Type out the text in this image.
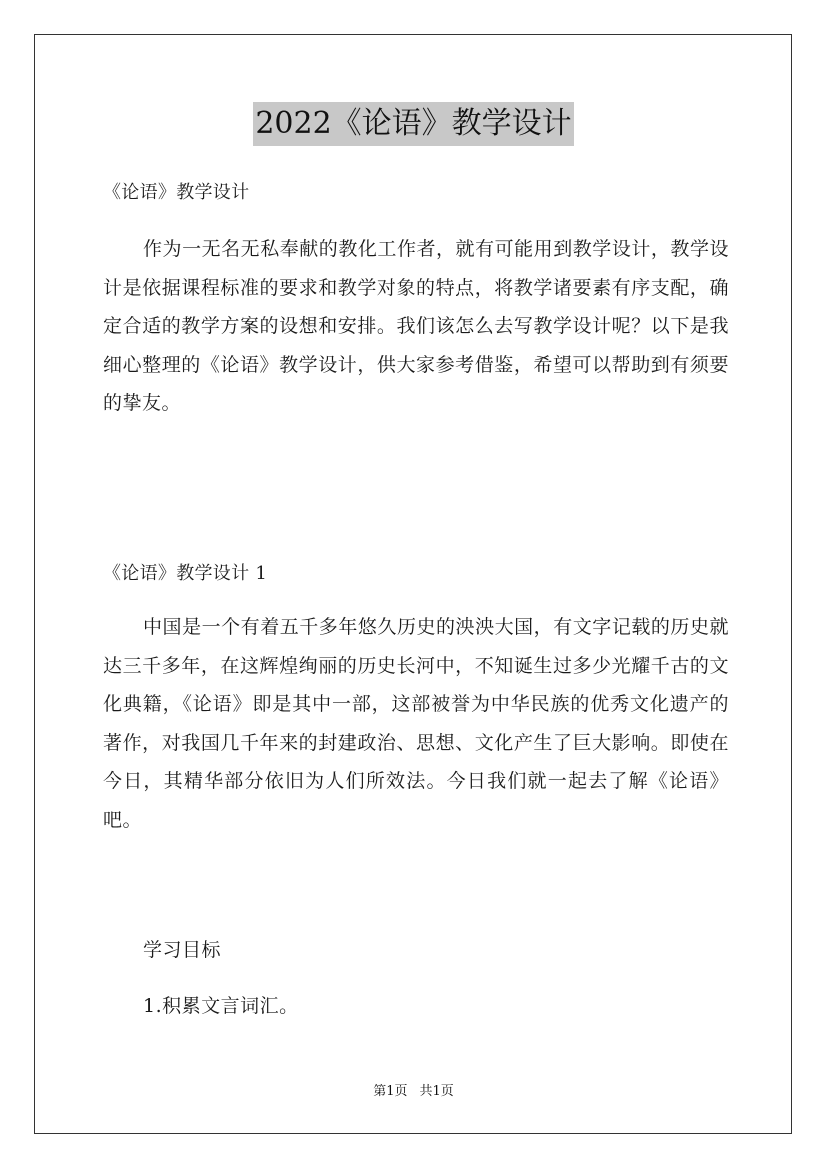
2022《论语》教学设计

《论语》教学设计

作为一无名无私奉献的教化工作者，就有可能用到教学设计，教学设计是依据课程标准的要求和教学对象的特点，将教学诸要素有序支配，确定合适的教学方案的设想和安排。我们该怎么去写教学设计呢？以下是我细心整理的《论语》教学设计，供大家参考借鉴，希望可以帮助到有须要的挚友。

《论语》教学设计 1

中国是一个有着五千多年悠久历史的泱泱大国，有文字记载的历史就达三千多年，在这辉煌绚丽的历史长河中，不知诞生过多少光耀千古的文化典籍，《论语》即是其中一部，这部被誉为中华民族的优秀文化遗产的著作，对我国几千年来的封建政治、思想、文化产生了巨大影响。即使在今日，其精华部分依旧为人们所效法。今日我们就一起去了解《论语》吧。

学习目标

1.积累文言词汇。

第1页 共1页
